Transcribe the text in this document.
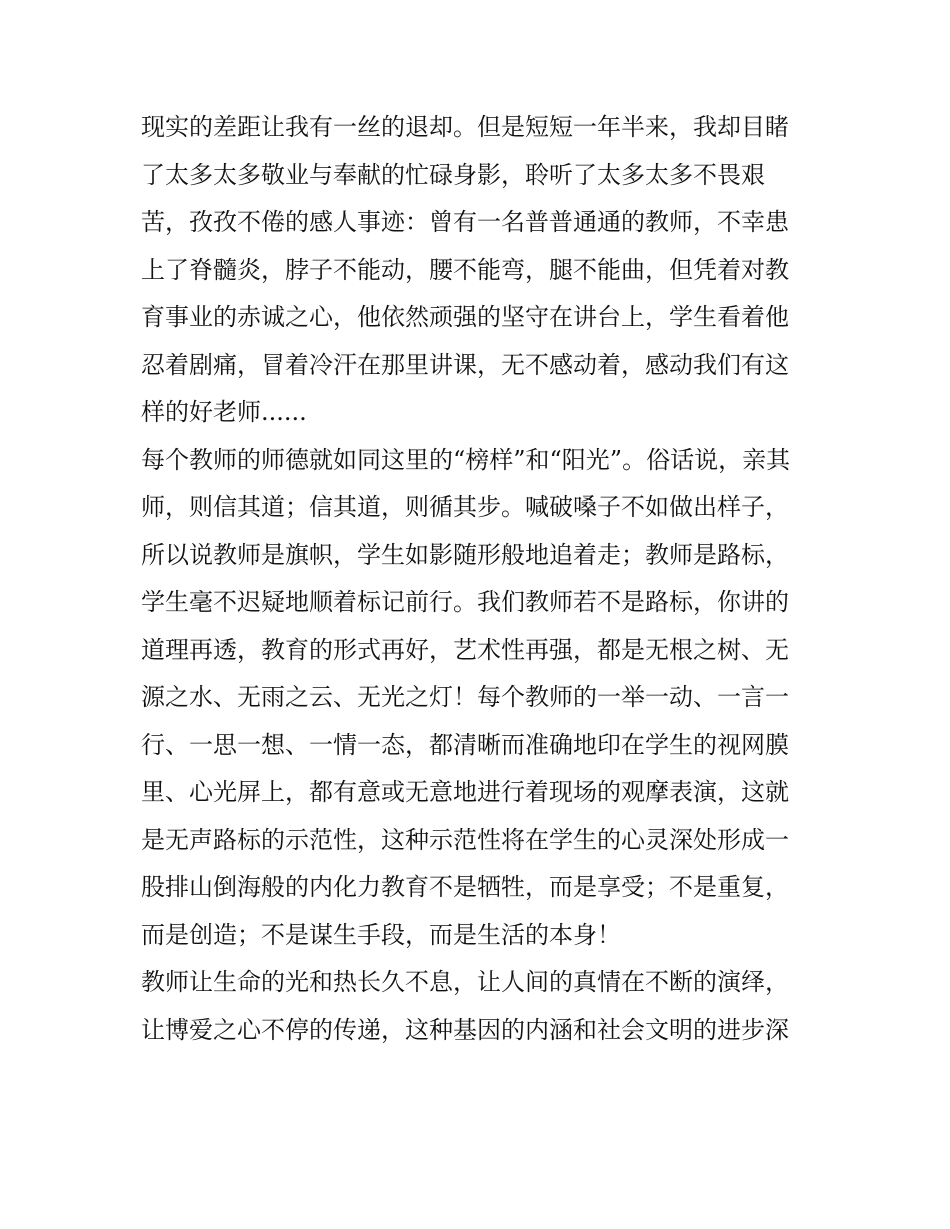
现实的差距让我有一丝的退却。但是短短一年半来，我却目睹
了太多太多敬业与奉献的忙碌身影，聆听了太多太多不畏艰
苦，孜孜不倦的感人事迹：曾有一名普普通通的教师，不幸患
上了脊髓炎，脖子不能动，腰不能弯，腿不能曲，但凭着对教
育事业的赤诚之心，他依然顽强的坚守在讲台上，学生看着他
忍着剧痛，冒着冷汗在那里讲课，无不感动着，感动我们有这
样的好老师......
每个教师的师德就如同这里的“榜样”和“阳光”。俗话说，亲其
师，则信其道；信其道，则循其步。喊破嗓子不如做出样子，
所以说教师是旗帜，学生如影随形般地追着走；教师是路标，
学生毫不迟疑地顺着标记前行。我们教师若不是路标，你讲的
道理再透，教育的形式再好，艺术性再强，都是无根之树、无
源之水、无雨之云、无光之灯！每个教师的一举一动、一言一
行、一思一想、一情一态，都清晰而准确地印在学生的视网膜
里、心光屏上，都有意或无意地进行着现场的观摩表演，这就
是无声路标的示范性，这种示范性将在学生的心灵深处形成一
股排山倒海般的内化力教育不是牺牲，而是享受；不是重复，
而是创造；不是谋生手段，而是生活的本身！
教师让生命的光和热长久不息，让人间的真情在不断的演绎，
让博爱之心不停的传递，这种基因的内涵和社会文明的进步深
